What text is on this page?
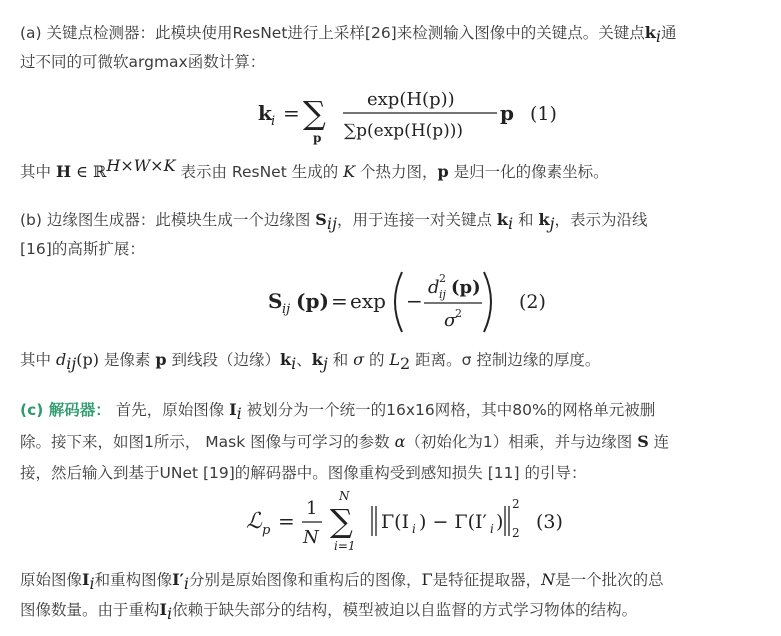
(a) 关键点检测器：此模块使用ResNet进行上采样[26]来检测输入图像中的关键点。关键点$k_i$通
过不同的可微软argmax函数计算：
k i = ∑
p
exp(H(p))
∑p(exp(H(p)))
p (1)
其中 H ∈ ℝ$^{H\times W\times K}$ 表示由 ResNet 生成的 K 个热力图，p 是归一化的像素坐标。
(b) 边缘图生成器：此模块生成一个边缘图 $S_{ij}$，用于连接一对关键点 $k_i$ 和 $k_j$，表示为沿线
[16]的高斯扩展：
S ij (p) = exp −
d 2
ij (p)
σ
2
(2)
其中 $d_{ij}(p)$ 是像素 p 到线段（边缘）$k_i$、$k_j$ 和 σ 的 $L_2$ 距离。σ 控制边缘的厚度。
(c) 解码器： 首先，原始图像 $I_i$ 被划分为一个统一的16x16网格，其中80%的网格单元被删
除。接下来，如图1所示， Mask 图像与可学习的参数 α（初始化为1）相乘，并与边缘图 S 连
接，然后输入到基于UNet [19]的解码器中。图像重构受到感知损失 [11] 的引导：
ℒ p =
1
N
N
∑
i=1
Γ(I i ) − Γ(I′ i )
2
2 (3)
原始图像$I_i$和重构图像$I'_i$分别是原始图像和重构后的图像，Γ是特征提取器，N是一个批次的总
图像数量。由于重构$I_i$依赖于缺失部分的结构，模型被迫以自监督的方式学习物体的结构。
